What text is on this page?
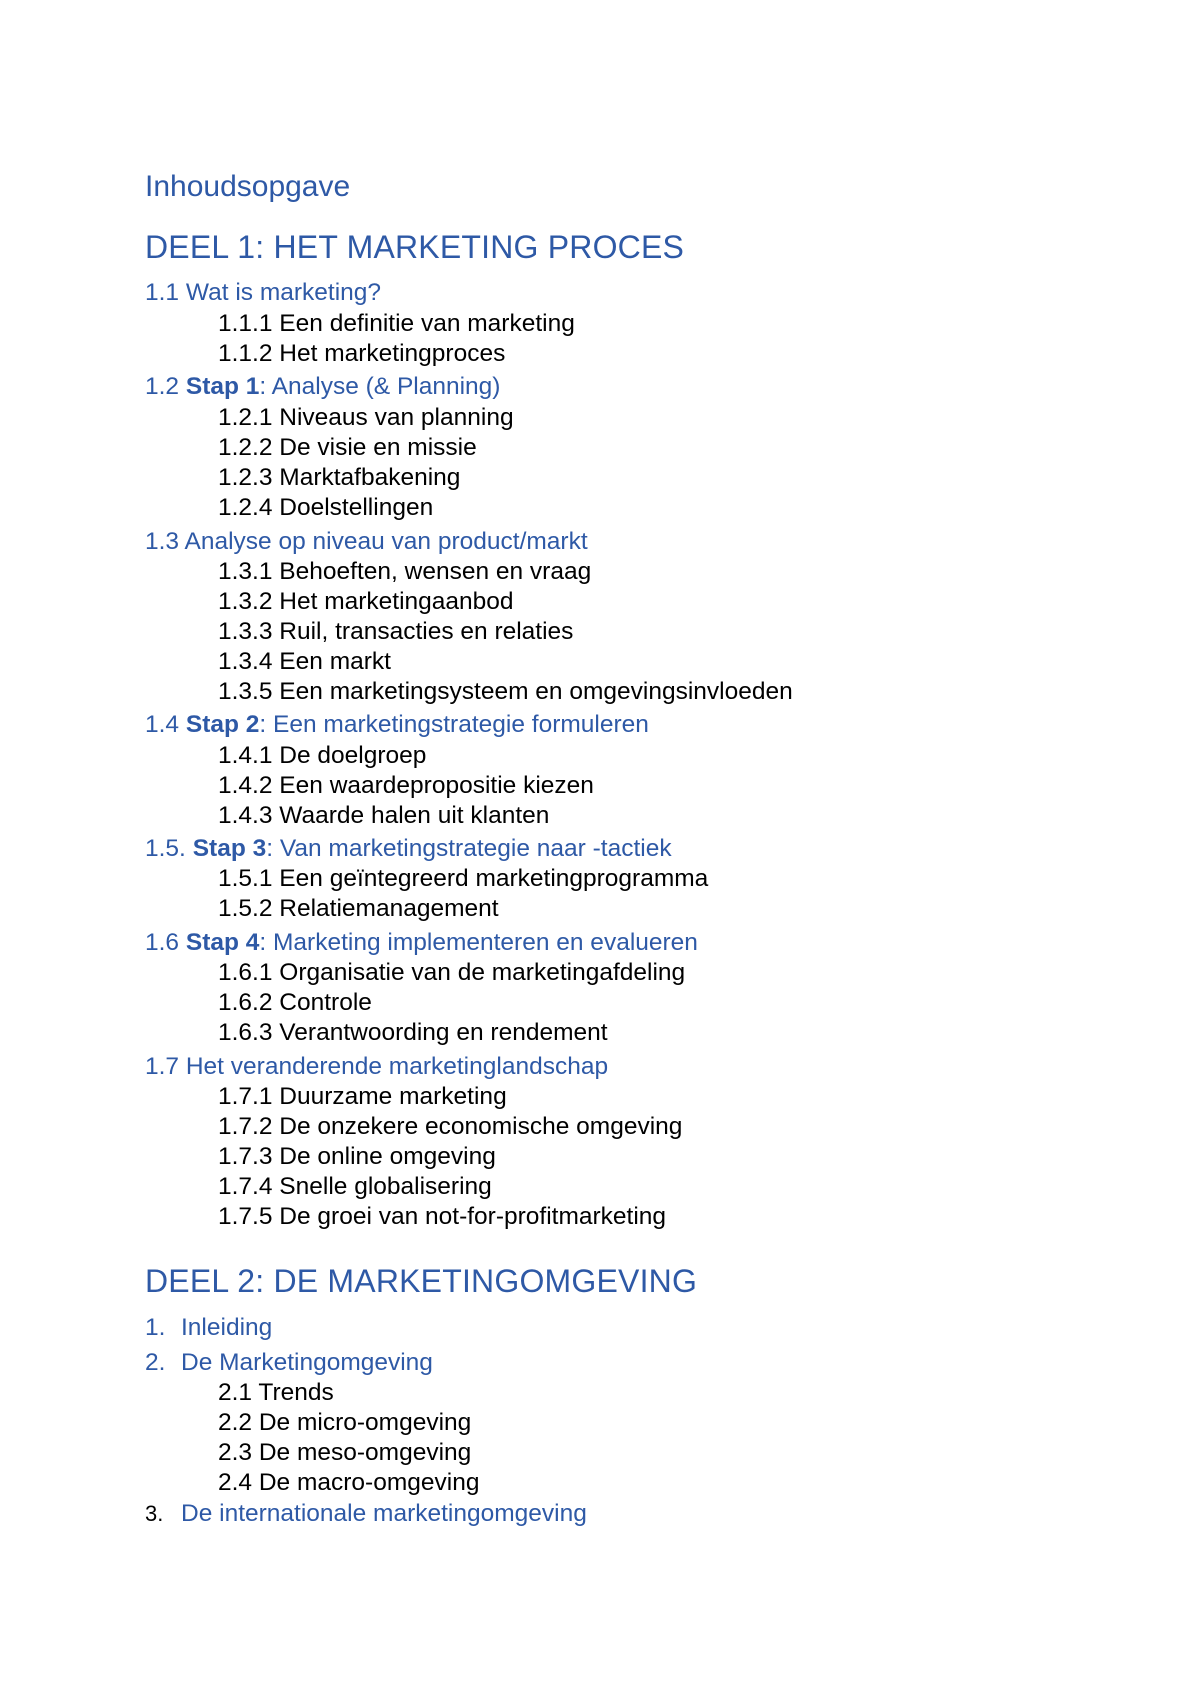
Inhoudsopgave
DEEL 1: HET MARKETING PROCES

1.1 Wat is marketing?

1.1.1 Een definitie van marketing

1.1.2 Het marketingproces

1.2 Stap 1: Analyse (& Planning)

1.2.1 Niveaus van planning

1.2.2 De visie en missie

1.2.3 Marktafbakening

1.2.4 Doelstellingen

1.3 Analyse op niveau van product/markt

1.3.1 Behoeften, wensen en vraag

1.3.2 Het marketingaanbod

1.3.3 Ruil, transacties en relaties

1.3.4 Een markt

1.3.5 Een marketingsysteem en omgevingsinvloeden

1.4 Stap 2: Een marketingstrategie formuleren

1.4.1 De doelgroep

1.4.2 Een waardepropositie kiezen

1.4.3 Waarde halen uit klanten

1.5. Stap 3: Van marketingstrategie naar -tactiek

1.5.1 Een geïntegreerd marketingprogramma

1.5.2 Relatiemanagement

1.6 Stap 4: Marketing implementeren en evalueren

1.6.1 Organisatie van de marketingafdeling

1.6.2 Controle

1.6.3 Verantwoording en rendement

1.7 Het veranderende marketinglandschap

1.7.1 Duurzame marketing

1.7.2 De onzekere economische omgeving

1.7.3 De online omgeving

1.7.4 Snelle globalisering

1.7.5 De groei van not-for-profitmarketing

DEEL 2: DE MARKETINGOMGEVING

1. Inleiding

2. De Marketingomgeving

2.1 Trends

2.2 De micro-omgeving

2.3 De meso-omgeving

2.4 De macro-omgeving

3. De internationale marketingomgeving
